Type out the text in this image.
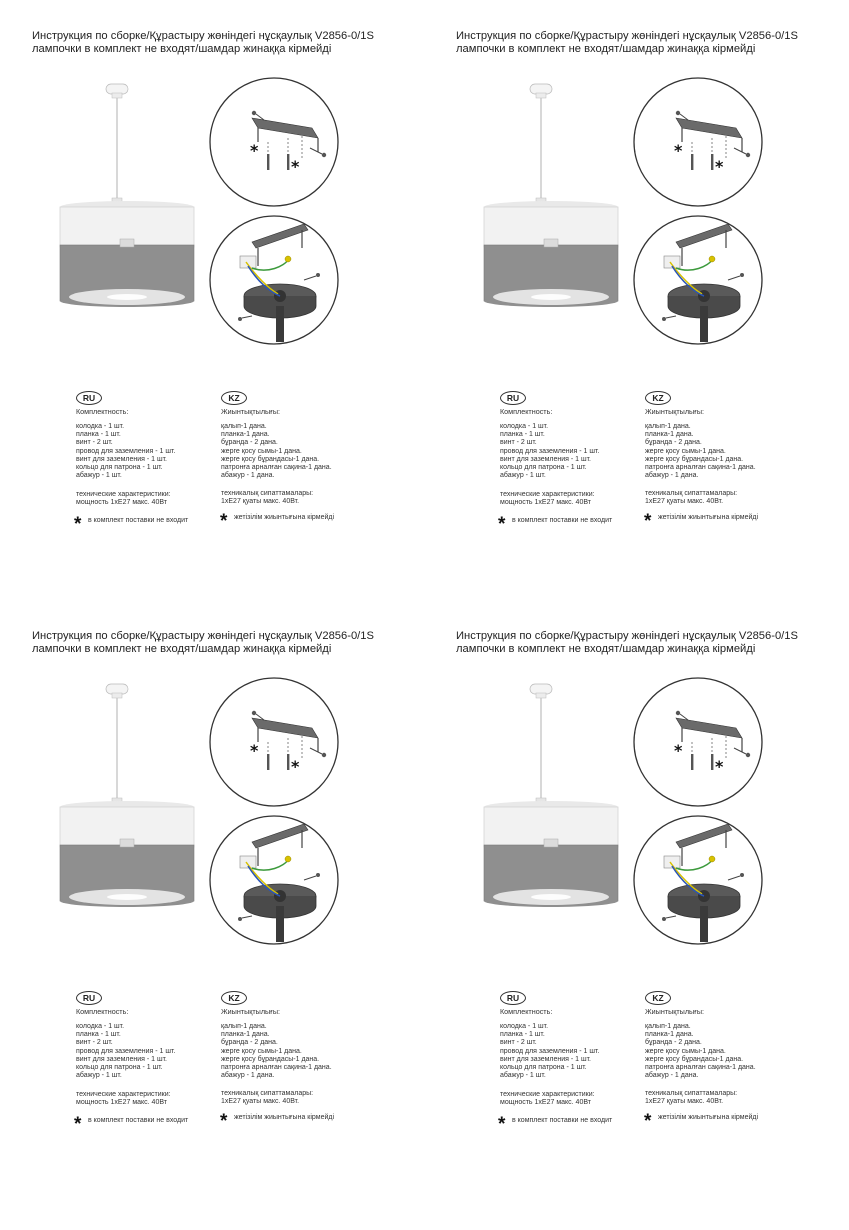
Инструкция по сборке/Құрастыру жөніндегі нұсқаулық V2856-0/1S
лампочки в комплект не входят/шамдар жинаққа кірмейді
*
*
RU
Комплектность:
колодка - 1 шт.
планка - 1 шт.
винт - 2 шт.
провод для заземления - 1 шт.
винт для заземления - 1 шт.
кольцо для патрона - 1 шт.
абажур - 1 шт.
технические характеристики:
мощность 1хЕ27 макс. 40Вт
* в комплект поставки не входит
KZ
Жиынтықтылығы:
қалып-1 дана.
планка-1 дана.
бұранда - 2 дана.
жерге қосу сымы-1 дана.
жерге қосу бұрандасы-1 дана.
патронға арналған сақина-1 дана.
абажур - 1 дана.
техникалық сипаттамалары:
1хЕ27 қуаты макс. 40Вт.
* жетізілім жиынтығына кірмейді
Инструкция по сборке/Құрастыру жөніндегі нұсқаулық V2856-0/1S
лампочки в комплект не входят/шамдар жинаққа кірмейді
*
*
RU
Комплектность:
колодка - 1 шт.
планка - 1 шт.
винт - 2 шт.
провод для заземления - 1 шт.
винт для заземления - 1 шт.
кольцо для патрона - 1 шт.
абажур - 1 шт.
технические характеристики:
мощность 1хЕ27 макс. 40Вт
* в комплект поставки не входит
KZ
Жиынтықтылығы:
қалып-1 дана.
планка-1 дана.
бұранда - 2 дана.
жерге қосу сымы-1 дана.
жерге қосу бұрандасы-1 дана.
патронға арналған сақина-1 дана.
абажур - 1 дана.
техникалық сипаттамалары:
1хЕ27 қуаты макс. 40Вт.
* жетізілім жиынтығына кірмейді
Инструкция по сборке/Құрастыру жөніндегі нұсқаулық V2856-0/1S
лампочки в комплект не входят/шамдар жинаққа кірмейді
*
*
RU
Комплектность:
колодка - 1 шт.
планка - 1 шт.
винт - 2 шт.
провод для заземления - 1 шт.
винт для заземления - 1 шт.
кольцо для патрона - 1 шт.
абажур - 1 шт.
технические характеристики:
мощность 1хЕ27 макс. 40Вт
* в комплект поставки не входит
KZ
Жиынтықтылығы:
қалып-1 дана.
планка-1 дана.
бұранда - 2 дана.
жерге қосу сымы-1 дана.
жерге қосу бұрандасы-1 дана.
патронға арналған сақина-1 дана.
абажур - 1 дана.
техникалық сипаттамалары:
1хЕ27 қуаты макс. 40Вт.
* жетізілім жиынтығына кірмейді
Инструкция по сборке/Құрастыру жөніндегі нұсқаулық V2856-0/1S
лампочки в комплект не входят/шамдар жинаққа кірмейді
*
*
RU
Комплектность:
колодка - 1 шт.
планка - 1 шт.
винт - 2 шт.
провод для заземления - 1 шт.
винт для заземления - 1 шт.
кольцо для патрона - 1 шт.
абажур - 1 шт.
технические характеристики:
мощность 1хЕ27 макс. 40Вт
* в комплект поставки не входит
KZ
Жиынтықтылығы:
қалып-1 дана.
планка-1 дана.
бұранда - 2 дана.
жерге қосу сымы-1 дана.
жерге қосу бұрандасы-1 дана.
патронға арналған сақина-1 дана.
абажур - 1 дана.
техникалық сипаттамалары:
1хЕ27 қуаты макс. 40Вт.
* жетізілім жиынтығына кірмейді
